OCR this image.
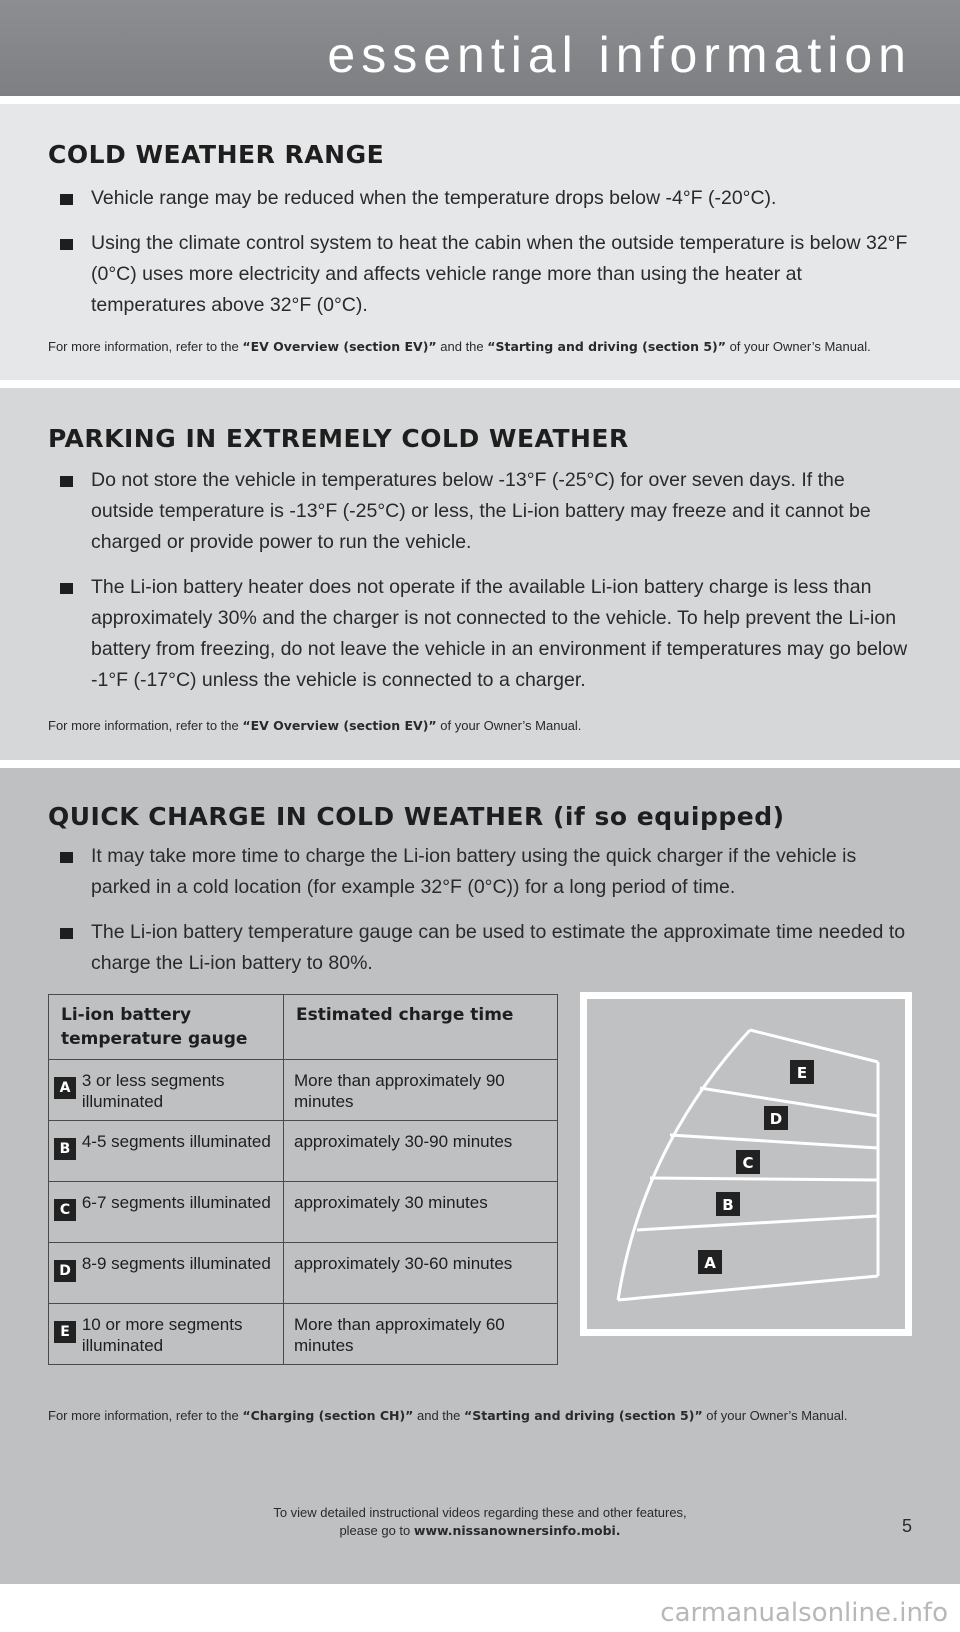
essential information
COLD WEATHER RANGE
Vehicle range may be reduced when the temperature drops below -4°F (-20°C).
Using the climate control system to heat the cabin when the outside temperature is below 32°F (0°C) uses more electricity and affects vehicle range more than using the heater at temperatures above 32°F (0°C).
For more information, refer to the “EV Overview (section EV)” and the “Starting and driving (section 5)” of your Owner’s Manual.
PARKING IN EXTREMELY COLD WEATHER
Do not store the vehicle in temperatures below -13°F (-25°C) for over seven days. If the outside temperature is -13°F (-25°C) or less, the Li-ion battery may freeze and it cannot be charged or provide power to run the vehicle.
The Li-ion battery heater does not operate if the available Li-ion battery charge is less than approximately 30% and the charger is not connected to the vehicle. To help prevent the Li-ion battery from freezing, do not leave the vehicle in an environment if temperatures may go below -1°F (-17°C) unless the vehicle is connected to a charger.
For more information, refer to the “EV Overview (section EV)” of your Owner’s Manual.
QUICK CHARGE IN COLD WEATHER (if so equipped)
It may take more time to charge the Li-ion battery using the quick charger if the vehicle is parked in a cold location (for example 32°F (0°C)) for a long period of time.
The Li-ion battery temperature gauge can be used to estimate the approximate time needed to charge the Li-ion battery to 80%.
Li-ion battery temperature gauge		Estimated charge time
A	3 or less segments illuminated	More than approximately 90 minutes
B	4-5 segments illuminated	approximately 30-90 minutes
C	6-7 segments illuminated	approximately 30 minutes
D	8-9 segments illuminated	approximately 30-60 minutes
E	10 or more segments illuminated	More than approximately 60 minutes
E
D
C
B
A
For more information, refer to the “Charging (section CH)” and the “Starting and driving (section 5)” of your Owner’s Manual.
To view detailed instructional videos regarding these and other features,
please go to www.nissanownersinfo.mobi.	5
carmanualsonline.info
